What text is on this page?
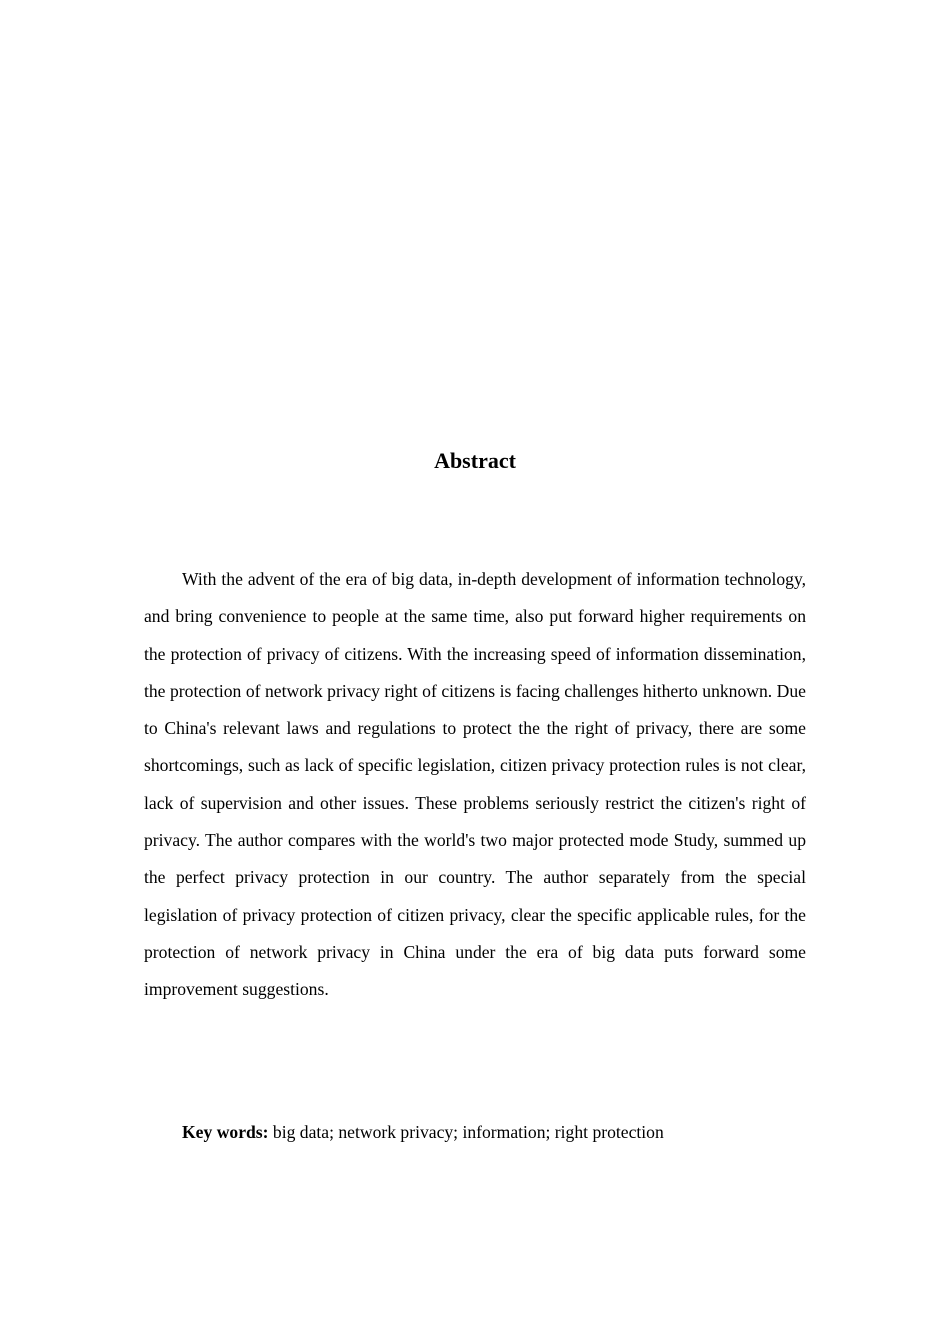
Abstract

With the advent of the era of big data, in-depth development of information technology, and bring convenience to people at the same time, also put forward higher requirements on the protection of privacy of citizens. With the increasing speed of information dissemination, the protection of network privacy right of citizens is facing challenges hitherto unknown. Due to China's relevant laws and regulations to protect the the right of privacy, there are some shortcomings, such as lack of specific legislation, citizen privacy protection rules is not clear, lack of supervision and other issues. These problems seriously restrict the citizen's right of privacy. The author compares with the world's two major protected mode Study, summed up the perfect privacy protection in our country. The author separately from the special legislation of privacy protection of citizen privacy, clear the specific applicable rules, for the protection of network privacy in China under the era of big data puts forward some improvement suggestions.

Key words: big data; network privacy; information; right protection
